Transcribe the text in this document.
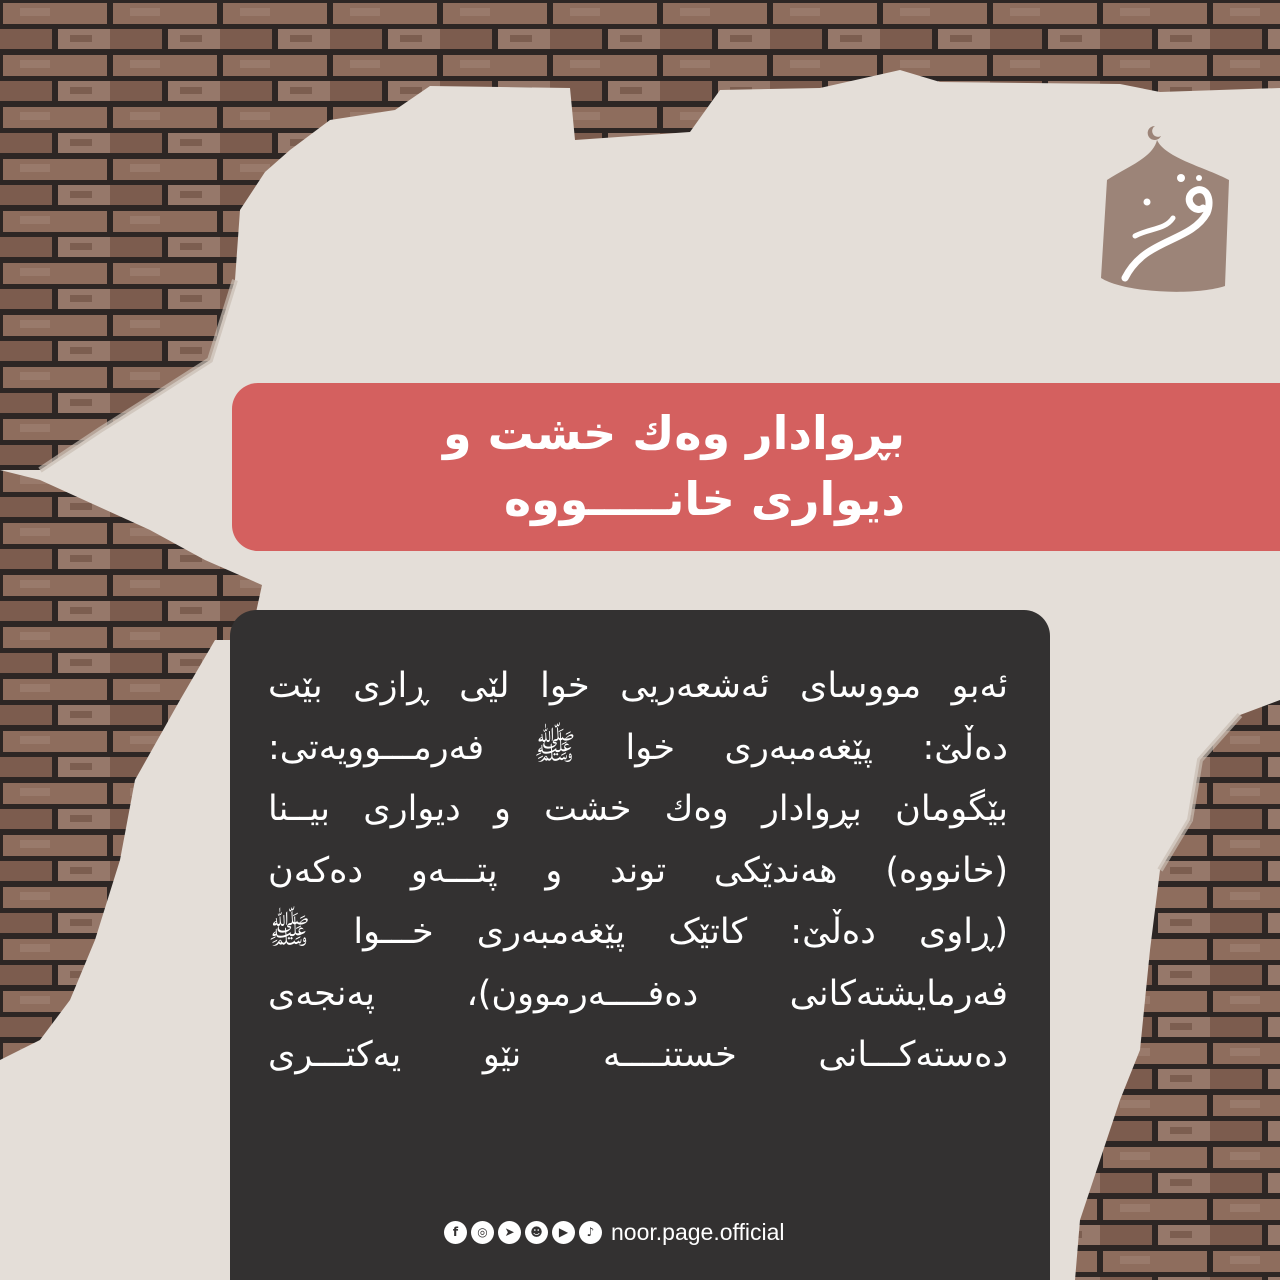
بڕوادار وەك خشت و
دیواری خانـــــووە
ئەبو مووسای ئەشعەریی خوا لێی ڕازی بێت
دەڵێ: پێغەمبەری خوا ﷺ فەرمـــوویەتی:
بێگومان بڕوادار وەك خشت و دیواری بیــنا
(خانووە) هەندێکی توند و پتـــەو دەکەن
(ڕاوی دەڵێ: کاتێک پێغەمبەری خـــوا ﷺ
فەرمایشتەکانی دەفــــەرموون)، پەنجەی
دەستەکـــانی خستنــــە نێو یەکتـــری
f	◎	➤	☻	▶	♪ noor.page.official
